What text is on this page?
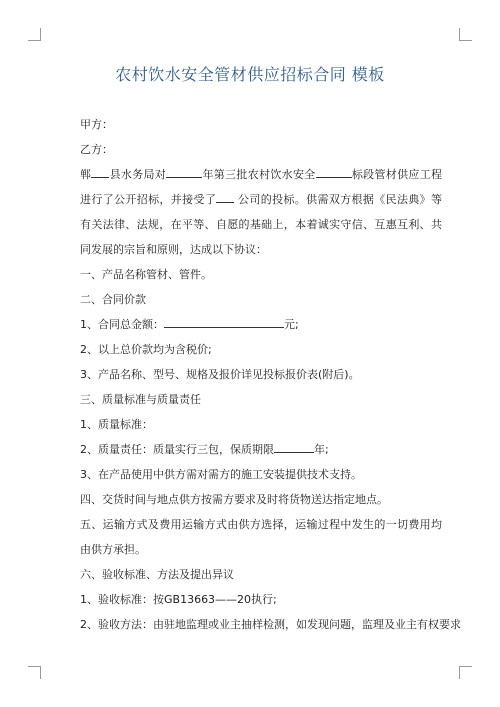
农村饮水安全管材供应招标合同 模板

甲方：

乙方：

郸 县水务局对	年第三批农村饮水安全	标段管材供应工程进行了公开招标，并接受了 公司的投标。供需双方根据《民法典》等有关法律、法规，在平等、自愿的基础上，本着诚实守信、互惠互利、共同发展的宗旨和原则，达成以下协议：

一、产品名称管材、管件。

二、合同价款

1、合同总金额：	元;

2、以上总价款均为含税价;

3、产品名称、型号、规格及报价详见投标报价表(附后)。

三、质量标准与质量责任

1、质量标准：

2、质量责任：质量实行三包，保质期限	年;

3、在产品使用中供方需对需方的施工安装提供技术支持。

四、交货时间与地点供方按需方要求及时将货物送达指定地点。

五、运输方式及费用运输方式由供方选择，运输过程中发生的一切费用均由供方承担。

六、验收标准、方法及提出异议

1、验收标准：按GB13663——20执行;

2、验收方法：由驻地监理或业主抽样检测，如发现问题，监理及业主有权要求
